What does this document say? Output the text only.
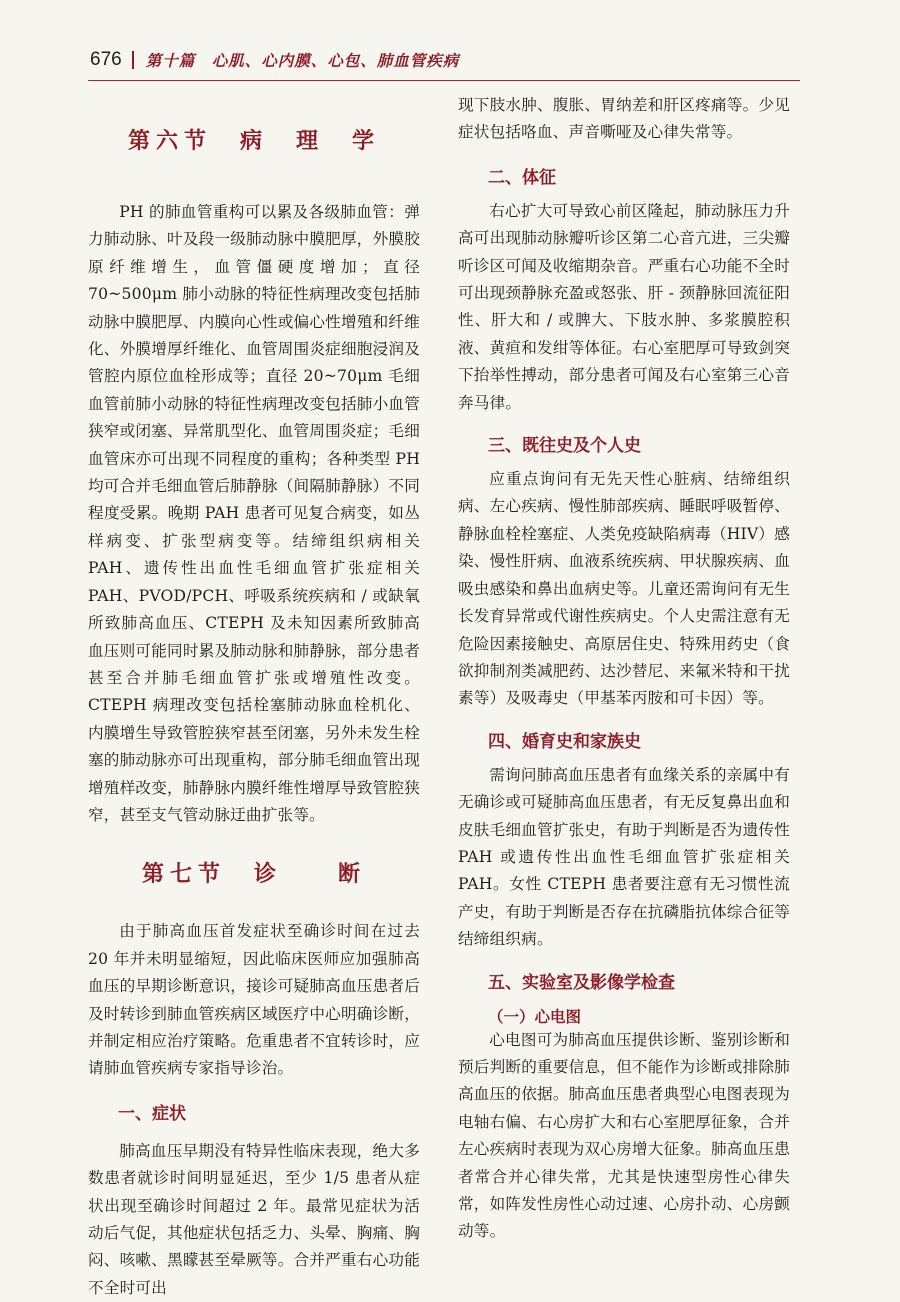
676 第十篇　心肌、心内膜、心包、肺血管疾病
第六节　病　理　学

PH 的肺血管重构可以累及各级肺血管：弹力肺动脉、叶及段一级肺动脉中膜肥厚，外膜胶原纤维增生，血管僵硬度增加；直径 70~500μm 肺小动脉的特征性病理改变包括肺动脉中膜肥厚、内膜向心性或偏心性增殖和纤维化、外膜增厚纤维化、血管周围炎症细胞浸润及管腔内原位血栓形成等；直径 20~70μm 毛细血管前肺小动脉的特征性病理改变包括肺小血管狭窄或闭塞、异常肌型化、血管周围炎症；毛细血管床亦可出现不同程度的重构；各种类型 PH 均可合并毛细血管后肺静脉（间隔肺静脉）不同程度受累。晚期 PAH 患者可见复合病变，如丛样病变、扩张型病变等。结缔组织病相关 PAH、遗传性出血性毛细血管扩张症相关 PAH、PVOD/PCH、呼吸系统疾病和 / 或缺氧所致肺高血压、CTEPH 及未知因素所致肺高血压则可能同时累及肺动脉和肺静脉，部分患者甚至合并肺毛细血管扩张或增殖性改变。CTEPH 病理改变包括栓塞肺动脉血栓机化、内膜增生导致管腔狭窄甚至闭塞，另外未发生栓塞的肺动脉亦可出现重构，部分肺毛细血管出现增殖样改变，肺静脉内膜纤维性增厚导致管腔狭窄，甚至支气管动脉迂曲扩张等。

第七节　诊　　断

由于肺高血压首发症状至确诊时间在过去 20 年并未明显缩短，因此临床医师应加强肺高血压的早期诊断意识，接诊可疑肺高血压患者后及时转诊到肺血管疾病区域医疗中心明确诊断，并制定相应治疗策略。危重患者不宜转诊时，应请肺血管疾病专家指导诊治。

一、症状

肺高血压早期没有特异性临床表现，绝大多数患者就诊时间明显延迟，至少 1/5 患者从症状出现至确诊时间超过 2 年。最常见症状为活动后气促，其他症状包括乏力、头晕、胸痛、胸闷、咳嗽、黑矇甚至晕厥等。合并严重右心功能不全时可出

现下肢水肿、腹胀、胃纳差和肝区疼痛等。少见症状包括咯血、声音嘶哑及心律失常等。

二、体征

右心扩大可导致心前区隆起，肺动脉压力升高可出现肺动脉瓣听诊区第二心音亢进，三尖瓣听诊区可闻及收缩期杂音。严重右心功能不全时可出现颈静脉充盈或怒张、肝 - 颈静脉回流征阳性、肝大和 / 或脾大、下肢水肿、多浆膜腔积液、黄疸和发绀等体征。右心室肥厚可导致剑突下抬举性搏动，部分患者可闻及右心室第三心音奔马律。

三、既往史及个人史

应重点询问有无先天性心脏病、结缔组织病、左心疾病、慢性肺部疾病、睡眠呼吸暂停、静脉血栓栓塞症、人类免疫缺陷病毒（HIV）感染、慢性肝病、血液系统疾病、甲状腺疾病、血吸虫感染和鼻出血病史等。儿童还需询问有无生长发育异常或代谢性疾病史。个人史需注意有无危险因素接触史、高原居住史、特殊用药史（食欲抑制剂类减肥药、达沙替尼、来氟米特和干扰素等）及吸毒史（甲基苯丙胺和可卡因）等。

四、婚育史和家族史

需询问肺高血压患者有血缘关系的亲属中有无确诊或可疑肺高血压患者，有无反复鼻出血和皮肤毛细血管扩张史，有助于判断是否为遗传性 PAH 或遗传性出血性毛细血管扩张症相关 PAH。女性 CTEPH 患者要注意有无习惯性流产史，有助于判断是否存在抗磷脂抗体综合征等结缔组织病。

五、实验室及影像学检查
（一）心电图

心电图可为肺高血压提供诊断、鉴别诊断和预后判断的重要信息，但不能作为诊断或排除肺高血压的依据。肺高血压患者典型心电图表现为电轴右偏、右心房扩大和右心室肥厚征象，合并左心疾病时表现为双心房增大征象。肺高血压患者常合并心律失常，尤其是快速型房性心律失常，如阵发性房性心动过速、心房扑动、心房颤动等。
